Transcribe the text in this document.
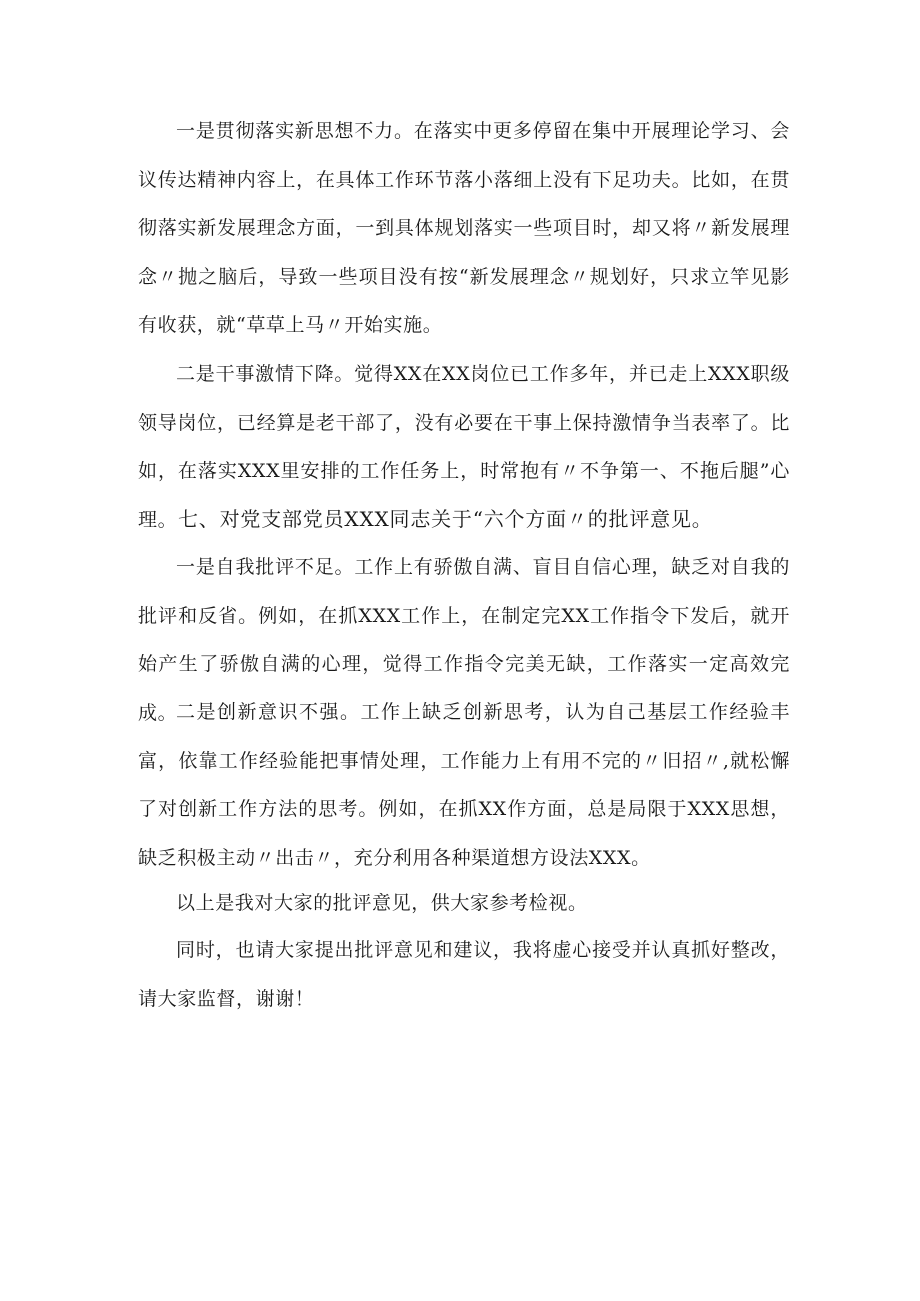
一是贯彻落实新思想不力。在落实中更多停留在集中开展理论学习、会议传达精神内容上，在具体工作环节落小落细上没有下足功夫。比如，在贯彻落实新发展理念方面，一到具体规划落实一些项目时，却又将〃新发展理念〃抛之脑后，导致一些项目没有按“新发展理念〃规划好，只求立竿见影有收获，就“草草上马〃开始实施。

二是干事激情下降。觉得XX在XX岗位已工作多年，并已走上XXX职级领导岗位，已经算是老干部了，没有必要在干事上保持激情争当表率了。比如，在落实XXX里安排的工作任务上，时常抱有〃不争第一、不拖后腿”心理。 七、对党支部党员XXX同志关于“六个方面〃的批评意见。

一是自我批评不足。工作上有骄傲自满、盲目自信心理，缺乏对自我的批评和反省。例如，在抓XXX工作上，在制定完XX工作指令下发后，就开始产生了骄傲自满的心理，觉得工作指令完美无缺，工作落实一定高效完成。

二是创新意识不强。工作上缺乏创新思考，认为自己基层工作经验丰富，依靠工作经验能把事情处理，工作能力上有用不完的〃旧招〃,就松懈了对创新工作方法的思考。例如，在抓XX作方面，总是局限于XXX思想，缺乏积极主动〃出击〃，充分利用各种渠道想方设法XXX。

以上是我对大家的批评意见，供大家参考检视。

同时，也请大家提出批评意见和建议，我将虚心接受并认真抓好整改，请大家监督，谢谢！
